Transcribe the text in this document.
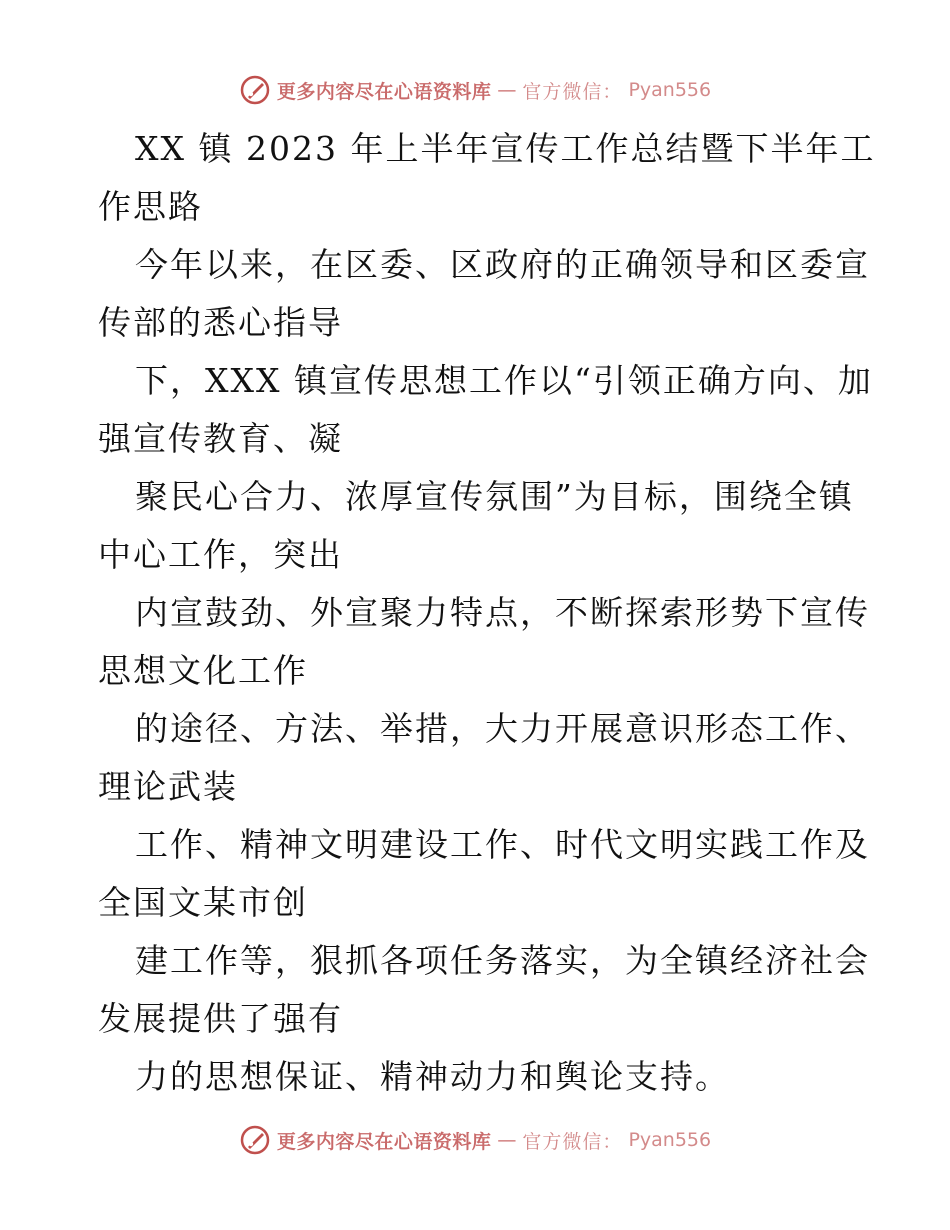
更多内容尽在心语资料库 — 官方微信： Pyan556
XX 镇 2023 年上半年宣传工作总结暨下半年工
作思路
今年以来，在区委、区政府的正确领导和区委宣
传部的悉心指导
下，XXX 镇宣传思想工作以“引领正确方向、加
强宣传教育、凝
聚民心合力、浓厚宣传氛围”为目标，围绕全镇
中心工作，突出
内宣鼓劲、外宣聚力特点，不断探索形势下宣传
思想文化工作
的途径、方法、举措，大力开展意识形态工作、
理论武装
工作、精神文明建设工作、时代文明实践工作及
全国文某市创
建工作等，狠抓各项任务落实，为全镇经济社会
发展提供了强有
力的思想保证、精神动力和舆论支持。
更多内容尽在心语资料库 — 官方微信： Pyan556
